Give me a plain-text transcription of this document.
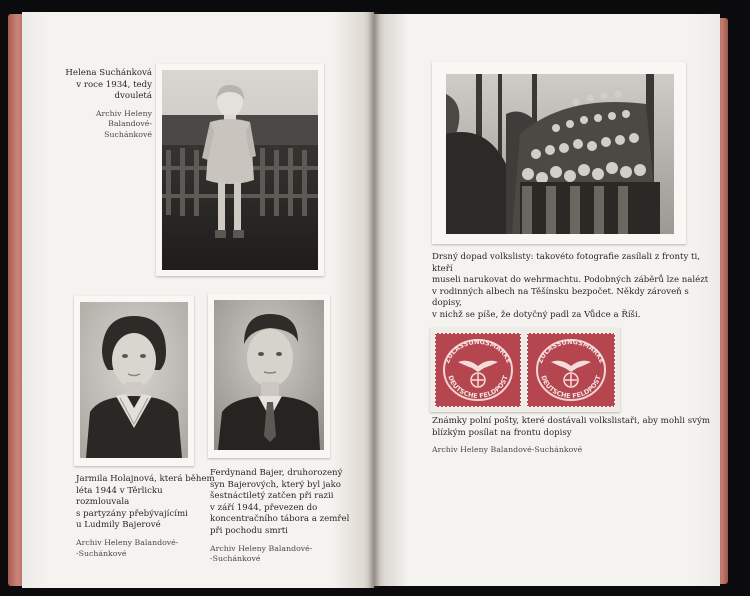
Helena Suchánková
v roce 1934, tedy
dvouletá
Archiv Heleny
Balandové-Suchánkové
Jarmila Holajnová, která během
léta 1944 v Těrlicku rozmlouvala
s partyzány přebývajícími
u Ludmily Bajerové
Archiv Heleny Balandové-
-Suchánkové
Ferdynand Bajer, druhorozený
syn Bajerových, který byl jako
šestnáctiletý zatčen při razii
v září 1944, převezen do
koncentračního tábora a zemřel
při pochodu smrti
Archiv Heleny Balandové-
-Suchánkové
Drsný dopad volkslisty: takovéto fotografie zasílali z fronty ti, kteří
museli narukovat do wehrmachtu. Podobných záběrů lze nalézt
v rodinných albech na Těšínsku bezpočet. Někdy zároveň s dopisy,
v nichž se píše, že dotyčný padl za Vůdce a Říši.
ZULASSUNGSMARKE
DEUTSCHE FELDPOST
ZULASSUNGSMARKE
DEUTSCHE FELDPOST
Známky polní pošty, které dostávali volkslistaři, aby mohli svým
blízkým posílat na frontu dopisy
Archiv Heleny Balandové-Suchánkové
